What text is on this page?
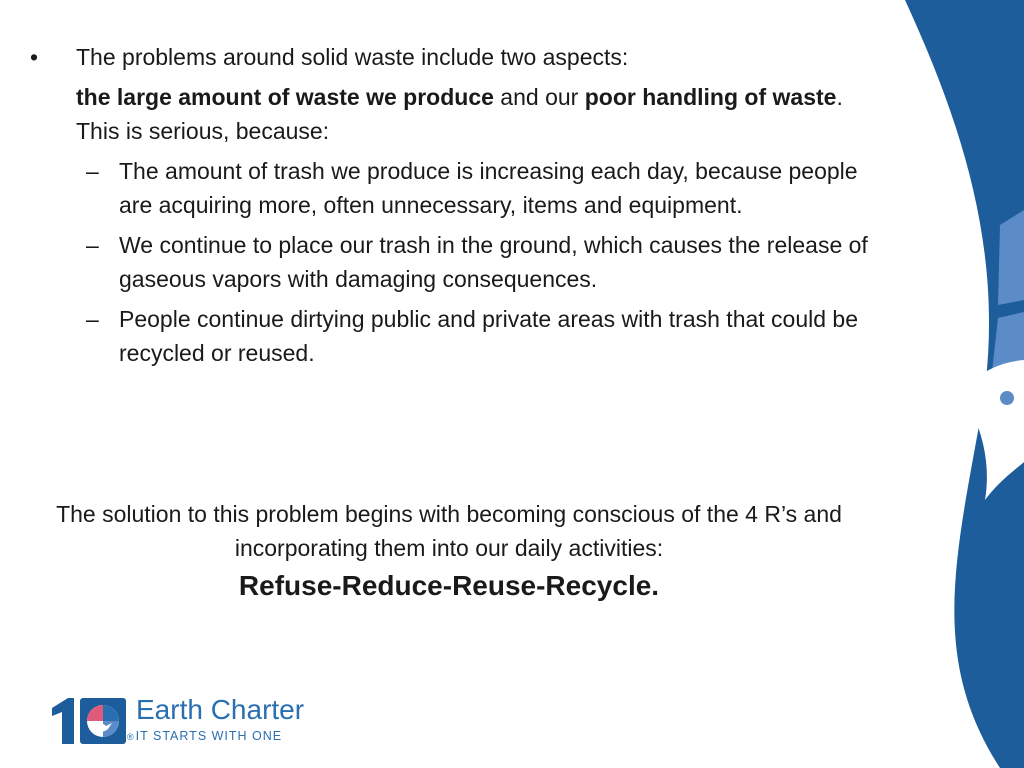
•	The problems around solid waste include two aspects:
the large amount of waste we produce and our poor handling of waste. This is serious, because:
– The amount of trash we produce is increasing each day, because people are acquiring more, often unnecessary, items and equipment.
– We continue to place our trash in the ground, which causes the release of gaseous vapors with damaging consequences.
– People continue dirtying public and private areas with trash that could be recycled or reused.
The solution to this problem begins with becoming conscious of the 4 R’s and incorporating them into our daily activities:
Refuse-Reduce-Reuse-Recycle.
Earth Charter
®IT STARTS WITH ONE
